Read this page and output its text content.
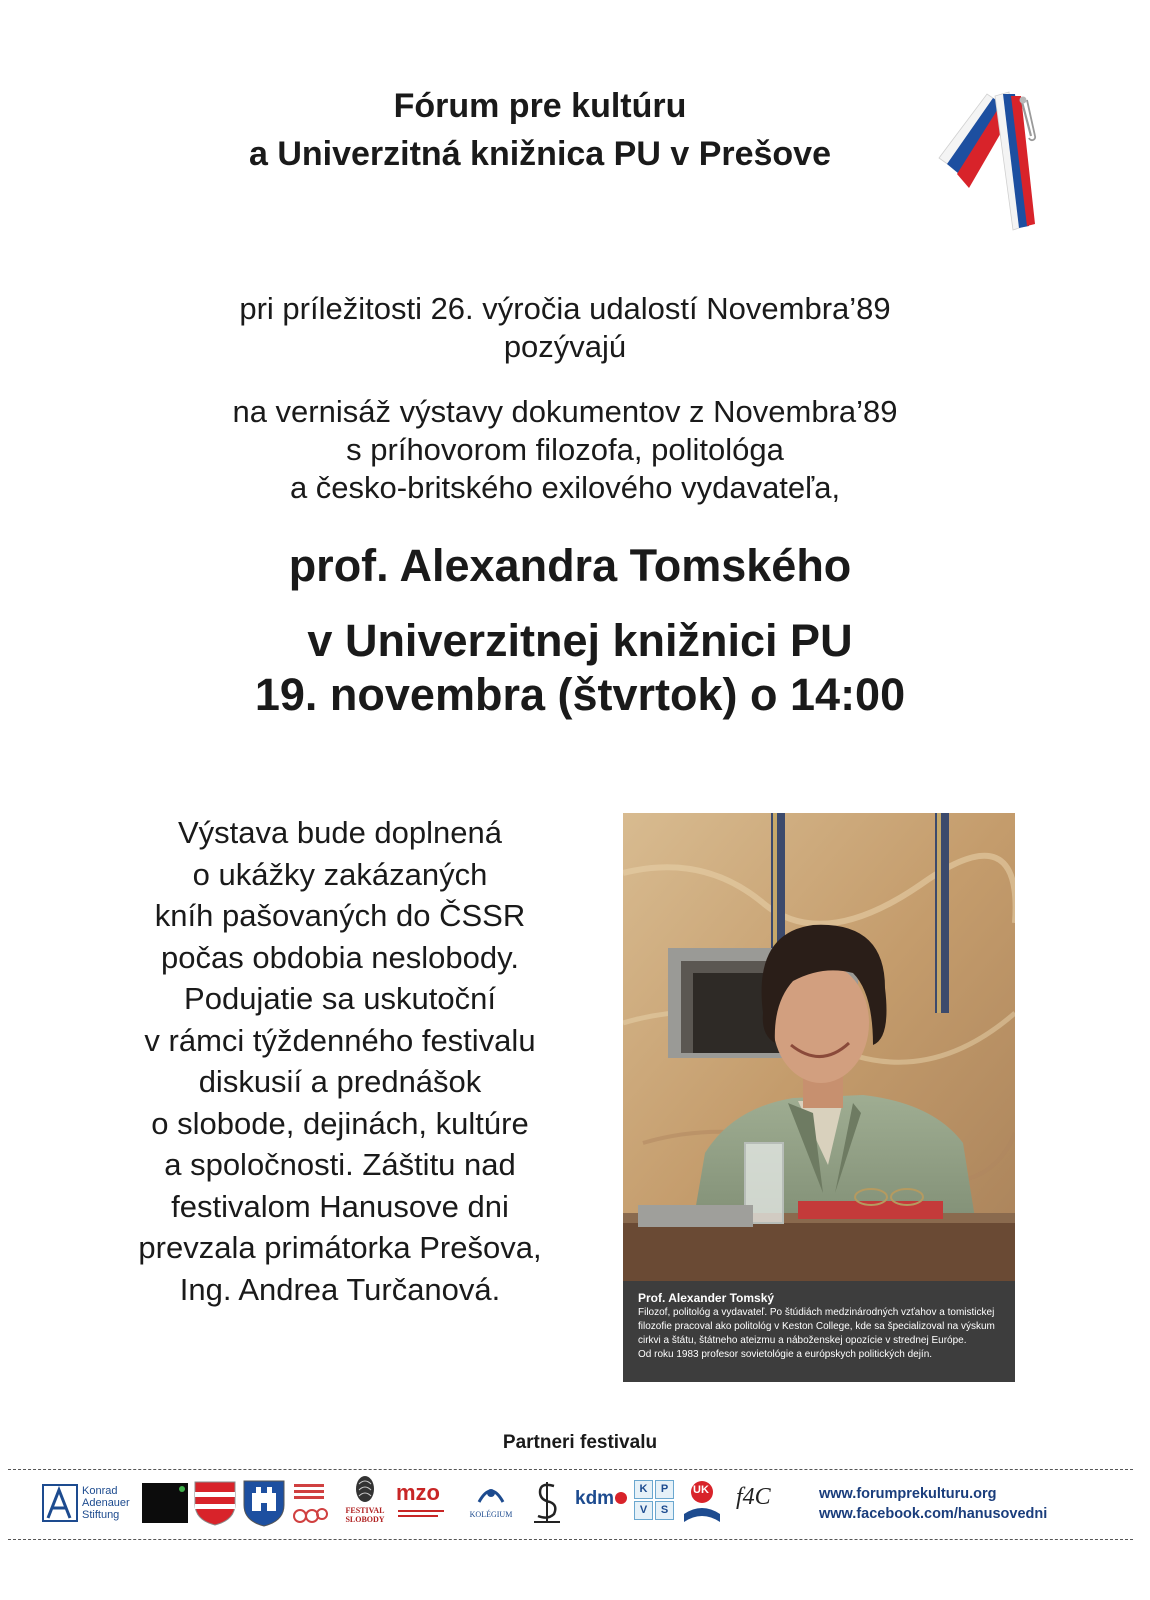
Fórum pre kultúru
a Univerzitná knižnica PU v Prešove
pri príležitosti 26. výročia udalostí Novembra’89
pozývajú
na vernisáž výstavy dokumentov z Novembra’89
s príhovorom filozofa, politológa
a česko-britského exilového vydavateľa,
prof. Alexandra Tomského
v Univerzitnej knižnici PU
19. novembra (štvrtok) o 14:00
Výstava bude doplnená
o ukážky zakázaných
kníh pašovaných do ČSSR
počas obdobia neslobody.
Podujatie sa uskutoční
v rámci týždenného festivalu
diskusií a prednášok
o slobode, dejinách, kultúre
a spoločnosti. Záštitu nad
festivalom Hanusove dni
prevzala primátorka Prešova,
Ing. Andrea Turčanová.	Prof. Alexander Tomský
Filozof, politológ a vydavateľ. Po štúdiách medzinárodných vzťahov a tomistickej
filozofie pracoval ako politológ v Keston College, kde sa špecializoval na výskum
cirkvi a štátu, štátneho ateizmu a náboženskej opozície v strednej Európe.
Od roku 1983 profesor sovietológie a európskych politických dejín.
Partneri festivalu
Konrad
Adenauer
Stiftung	FESTIVAL
SLOBODY
mzo
KOLÉGIUM
kdm	K	P
V	S
UK f4C	www.forumprekulturu.org
www.facebook.com/hanusovedni
